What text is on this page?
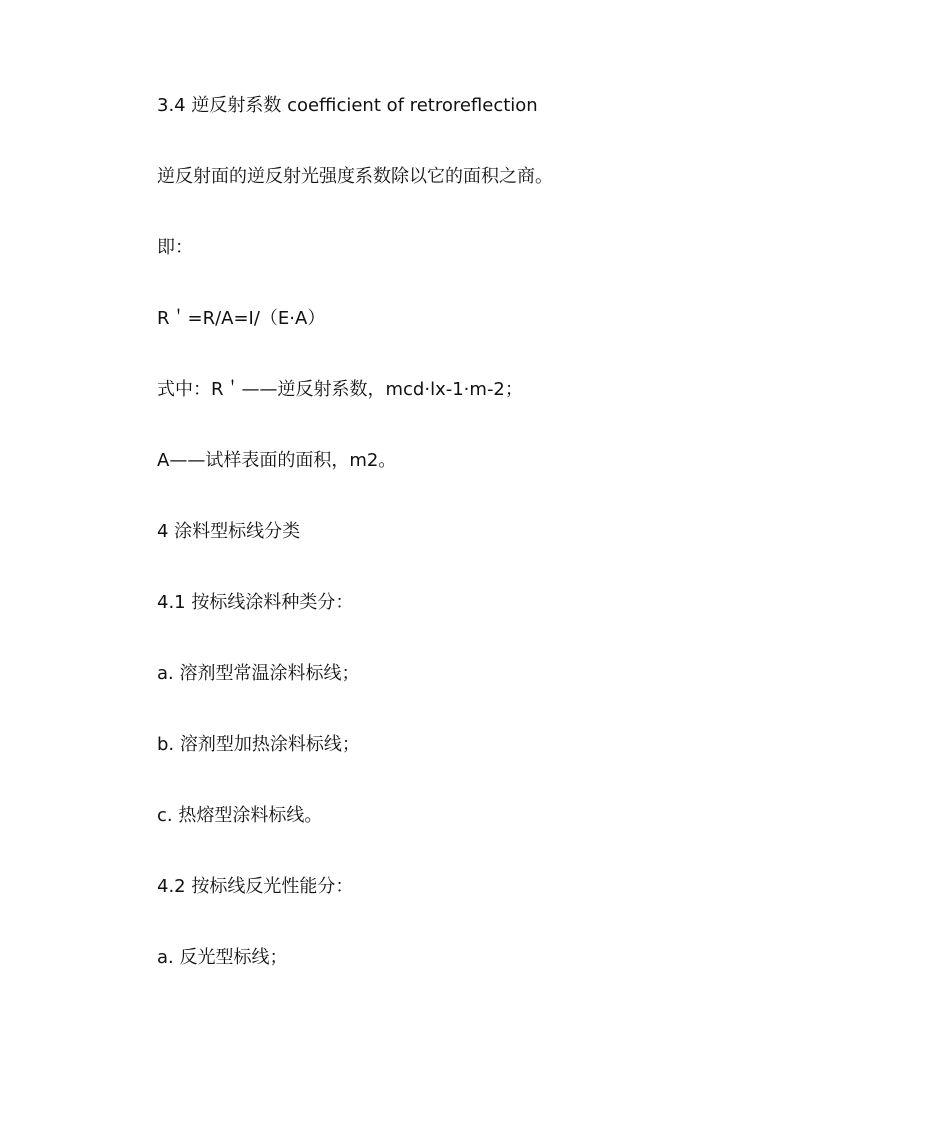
3.4 逆反射系数 coefficient of retroreflection
逆反射面的逆反射光强度系数除以它的面积之商。
即：
R＇=R/A=I/（E·A）
式中：R＇——逆反射系数，mcd·lx-1·m-2；
A——试样表面的面积，m2。
4 涂料型标线分类
4.1 按标线涂料种类分：
a. 溶剂型常温涂料标线；
b. 溶剂型加热涂料标线；
c. 热熔型涂料标线。
4.2 按标线反光性能分：
a. 反光型标线；
